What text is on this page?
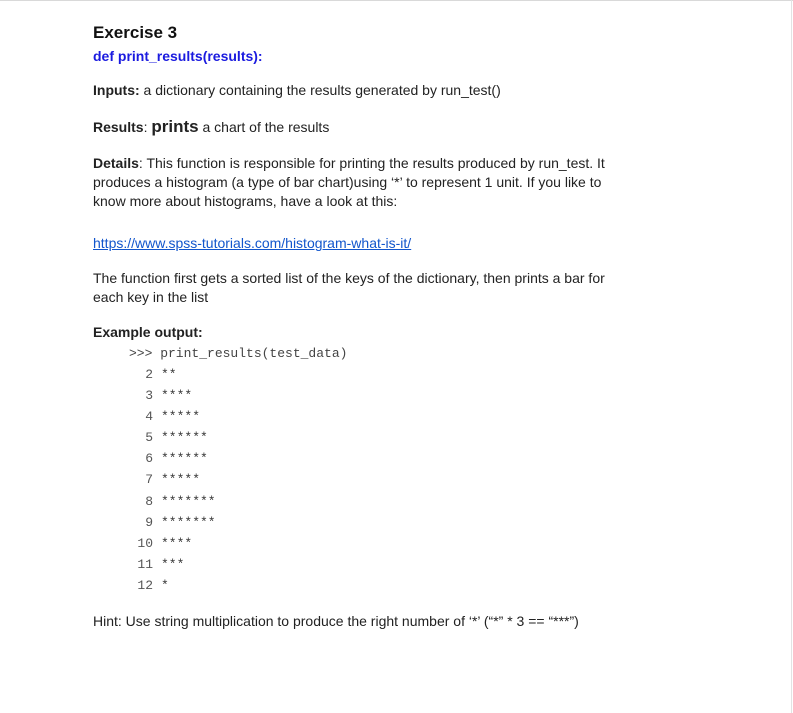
Exercise 3

def print_results(results):

Inputs: a dictionary containing the results generated by run_test()

Results: prints a chart of the results

Details: This function is responsible for printing the results produced by run_test. It
produces a histogram (a type of bar chart)using ‘*’ to represent 1 unit. If you like to
know more about histograms, have a look at this:

https://www.spss-tutorials.com/histogram-what-is-it/

The function first gets a sorted list of the keys of the dictionary, then prints a bar for
each key in the list

Example output:

>>> print_results(test_data)
2 **
3 ****
4 *****
5 ******
6 ******
7 *****
8 *******
9 *******
10 ****
11 ***
12 *

Hint: Use string multiplication to produce the right number of ‘*’ (“*” * 3 == “***”)
